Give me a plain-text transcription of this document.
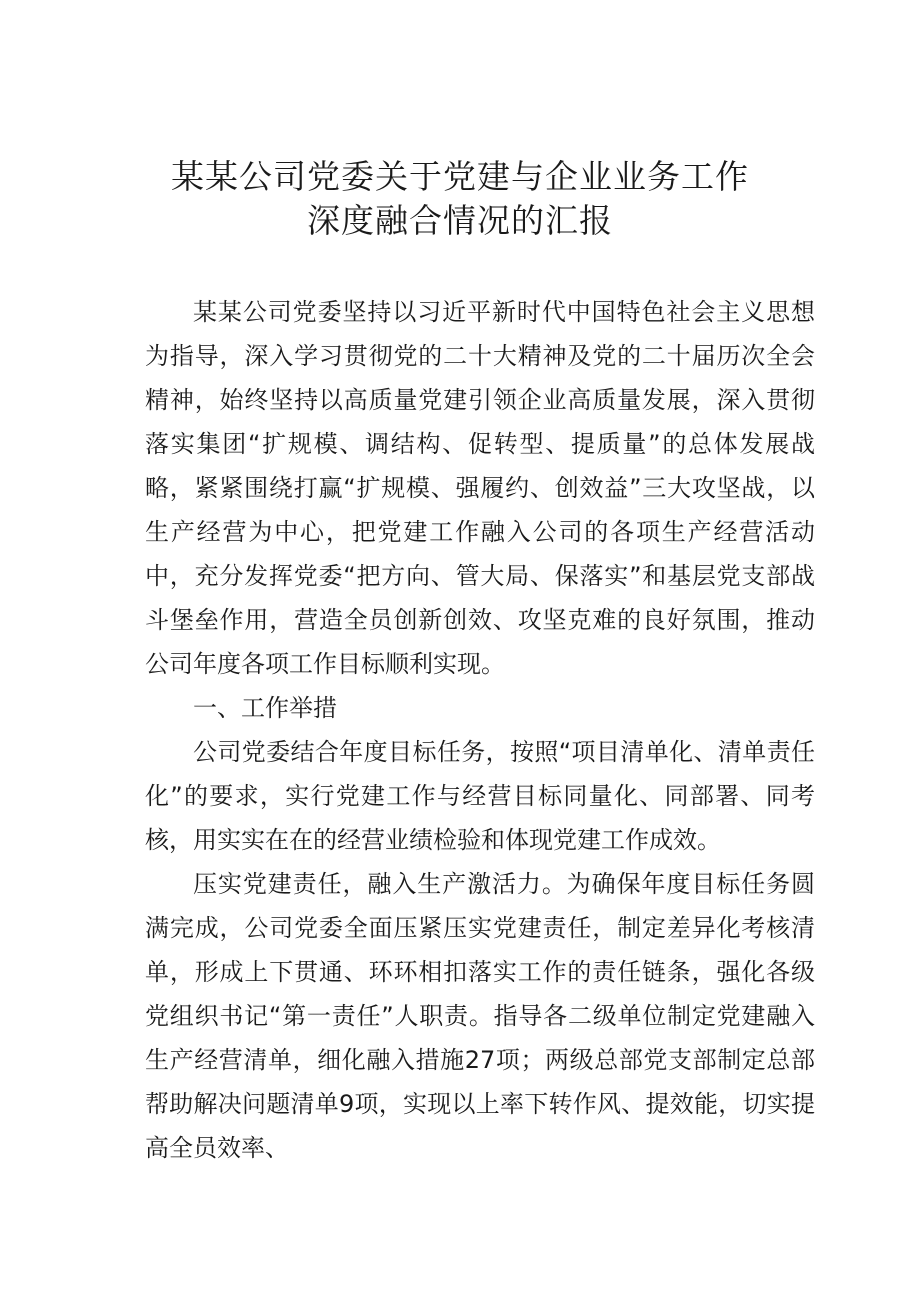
某某公司党委关于党建与企业业务工作
深度融合情况的汇报

某某公司党委坚持以习近平新时代中国特色社会主义思想为指导，深入学习贯彻党的二十大精神及党的二十届历次全会精神，始终坚持以高质量党建引领企业高质量发展，深入贯彻落实集团“扩规模、调结构、促转型、提质量”的总体发展战略，紧紧围绕打赢“扩规模、强履约、创效益”三大攻坚战，以生产经营为中心，把党建工作融入公司的各项生产经营活动中，充分发挥党委“把方向、管大局、保落实”和基层党支部战斗堡垒作用，营造全员创新创效、攻坚克难的良好氛围，推动公司年度各项工作目标顺利实现。

一、工作举措

公司党委结合年度目标任务，按照“项目清单化、清单责任化”的要求，实行党建工作与经营目标同量化、同部署、同考核，用实实在在的经营业绩检验和体现党建工作成效。

压实党建责任，融入生产激活力。为确保年度目标任务圆满完成，公司党委全面压紧压实党建责任，制定差异化考核清单，形成上下贯通、环环相扣落实工作的责任链条，强化各级党组织书记“第一责任”人职责。指导各二级单位制定党建融入生产经营清单，细化融入措施27项；两级总部党支部制定总部帮助解决问题清单9项，实现以上率下转作风、提效能，切实提高全员效率、
